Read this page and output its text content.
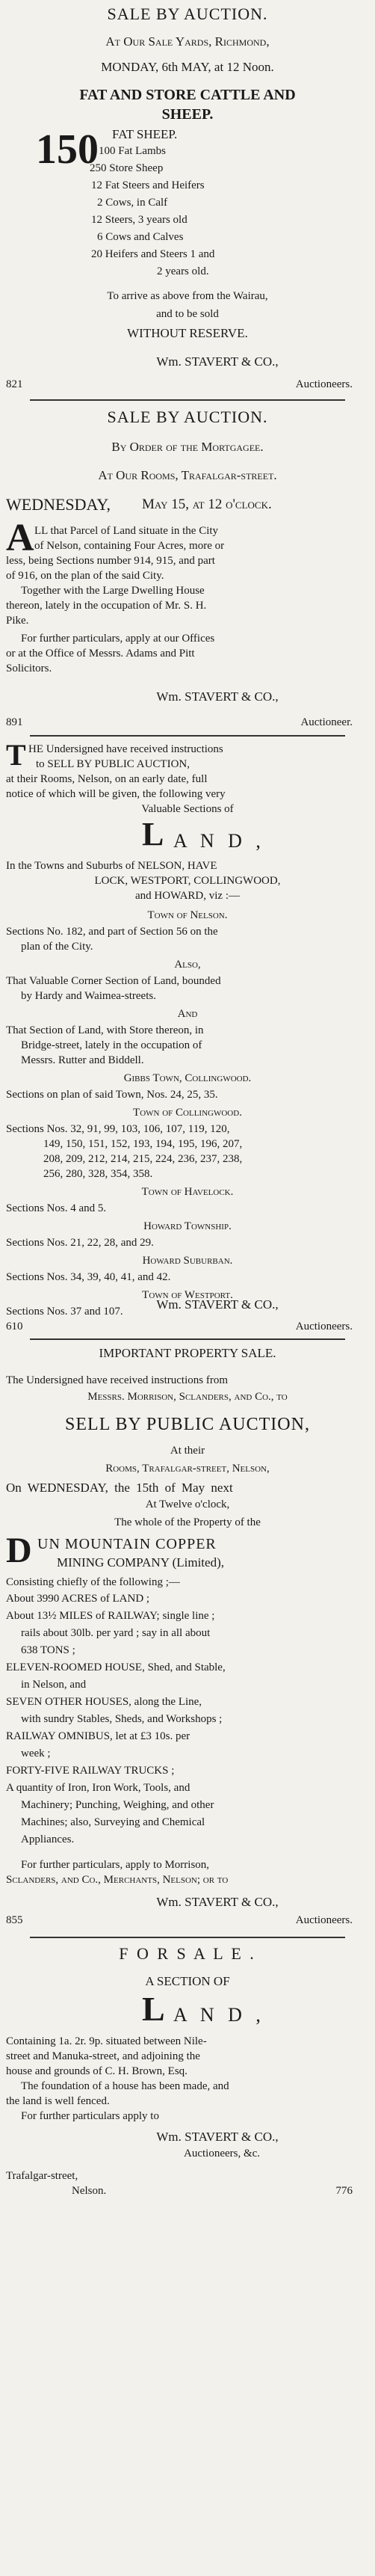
SALE BY AUCTION.
At Our Sale Yards, Richmond,
MONDAY, 6th MAY, at 12 Noon.
FAT AND STORE CATTLE AND
SHEEP.
150 FAT SHEEP.
100 Fat Lambs
250 Store Sheep
12 Fat Steers and Heifers
2 Cows, in Calf
12 Steers, 3 years old
6 Cows and Calves
20 Heifers and Steers 1 and
2 years old.
To arrive as above from the Wairau,
and to be sold
WITHOUT RESERVE.
Wm. STAVERT & CO.,
821	Auctioneers.
SALE BY AUCTION.
By Order of the Mortgagee.
At Our Rooms, Trafalgar-street.
WEDNESDAY, May 15, at 12 o'clock.
A LL that Parcel of Land situate in the City
of Nelson, containing Four Acres, more or
less, being Sections number 914, 915, and part
of 916, on the plan of the said City.
Together with the Large Dwelling House
thereon, lately in the occupation of Mr. S. H.
Pike.
For further particulars, apply at our Offices
or at the Office of Messrs. Adams and Pitt
Solicitors.
Wm. STAVERT & CO.,
891	Auctioneer.
T HE Undersigned have received instructions
to SELL BY PUBLIC AUCTION,
at their Rooms, Nelson, on an early date, full
notice of which will be given, the following very
Valuable Sections of
L A N D ,
In the Towns and Suburbs of NELSON, HAVE
LOCK, WESTPORT, COLLINGWOOD,
and HOWARD, viz :—
Town of Nelson.
Sections No. 182, and part of Section 56 on the
plan of the City.
Also,
That Valuable Corner Section of Land, bounded
by Hardy and Waimea-streets.
And
That Section of Land, with Store thereon, in
Bridge-street, lately in the occupation of
Messrs. Rutter and Biddell.
Gibbs Town, Collingwood.
Sections on plan of said Town, Nos. 24, 25, 35.
Town of Collingwood.
Sections Nos. 32, 91, 99, 103, 106, 107, 119, 120,
149, 150, 151, 152, 193, 194, 195, 196, 207,
208, 209, 212, 214, 215, 224, 236, 237, 238,
256, 280, 328, 354, 358.
Town of Havelock.
Sections Nos. 4 and 5.
Howard Township.
Sections Nos. 21, 22, 28, and 29.
Howard Suburban.
Sections Nos. 34, 39, 40, 41, and 42.
Town of Westport.
Sections Nos. 37 and 107.	Wm. STAVERT & CO.,
610	Auctioneers.
IMPORTANT PROPERTY SALE.
The Undersigned have received instructions from
Messrs. Morrison, Sclanders, and Co., to
SELL BY PUBLIC AUCTION,
At their
Rooms, Trafalgar-street, Nelson,
On WEDNESDAY, the 15th of May next
At Twelve o'clock,
The whole of the Property of the
D UN MOUNTAIN COPPER
MINING COMPANY (Limited),
Consisting chiefly of the following ;—
About 3990 ACRES of LAND ;
About 13½ MILES of RAILWAY; single line ;
rails about 30lb. per yard ; say in all about
638 TONS ;
ELEVEN-ROOMED HOUSE, Shed, and Stable,
in Nelson, and
SEVEN OTHER HOUSES, along the Line,
with sundry Stables, Sheds, and Workshops ;
RAILWAY OMNIBUS, let at £3 10s. per
week ;
FORTY-FIVE RAILWAY TRUCKS ;
A quantity of Iron, Iron Work, Tools, and
Machinery; Punching, Weighing, and other
Machines; also, Surveying and Chemical
Appliances.
For further particulars, apply to Morrison,
Sclanders, and Co., Merchants, Nelson; or to
Wm. STAVERT & CO.,
855	Auctioneers.
F O R S A L E .
A SECTION OF
L A N D ,
Containing 1a. 2r. 9p. situated between Nile-
street and Manuka-street, and adjoining the
house and grounds of C. H. Brown, Esq.
The foundation of a house has been made, and
the land is well fenced.
For further particulars apply to
Wm. STAVERT & CO.,
Auctioneers, &c.
Trafalgar-street,
Nelson.	776
